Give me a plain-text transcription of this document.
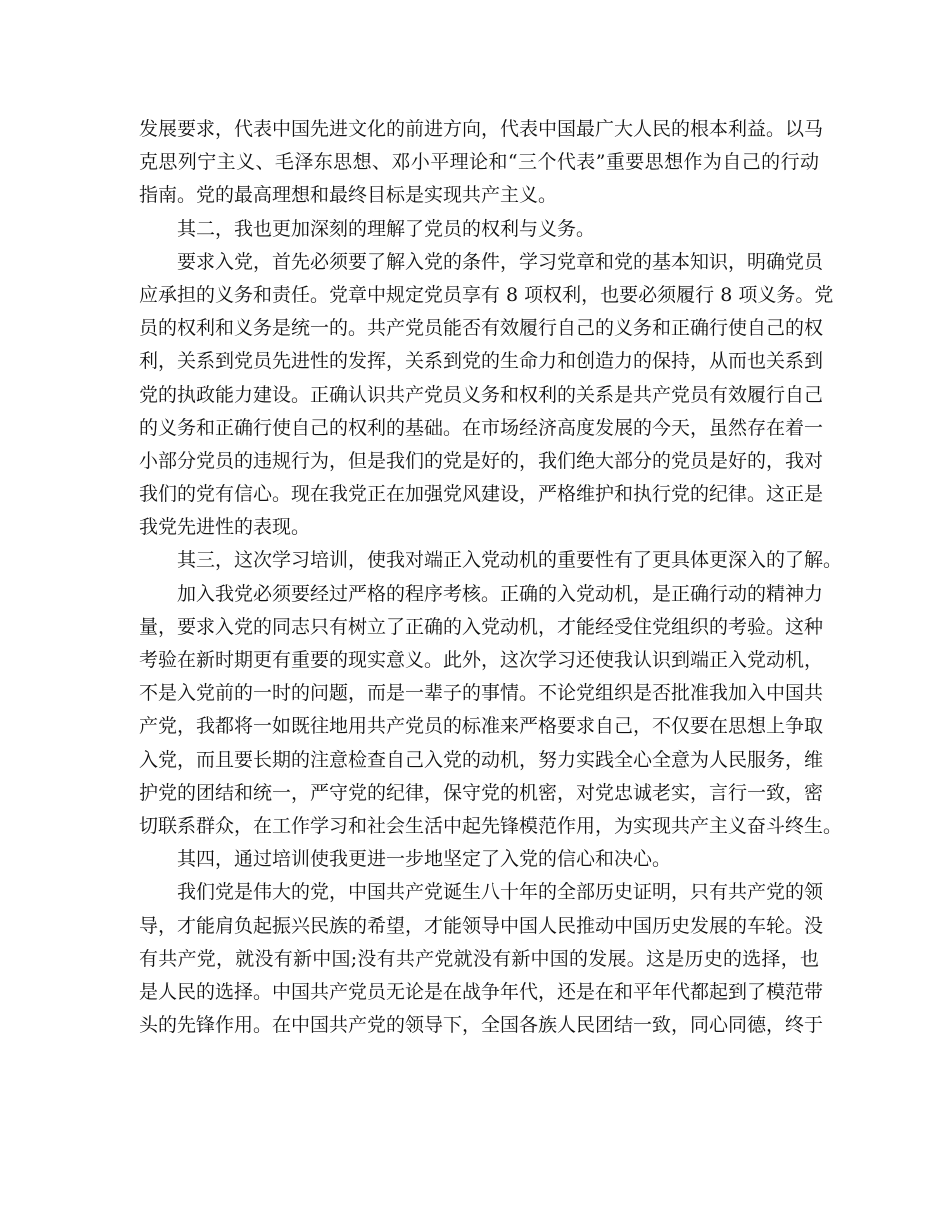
发展要求，代表中国先进文化的前进方向，代表中国最广大人民的根本利益。以马
克思列宁主义、毛泽东思想、邓小平理论和“三个代表”重要思想作为自己的行动
指南。党的最高理想和最终目标是实现共产主义。
其二，我也更加深刻的理解了党员的权利与义务。
要求入党，首先必须要了解入党的条件，学习党章和党的基本知识，明确党员
应承担的义务和责任。党章中规定党员享有 8 项权利，也要必须履行 8 项义务。党
员的权利和义务是统一的。共产党员能否有效履行自己的义务和正确行使自己的权
利，关系到党员先进性的发挥，关系到党的生命力和创造力的保持，从而也关系到
党的执政能力建设。正确认识共产党员义务和权利的关系是共产党员有效履行自己
的义务和正确行使自己的权利的基础。在市场经济高度发展的今天，虽然存在着一
小部分党员的违规行为，但是我们的党是好的，我们绝大部分的党员是好的，我对
我们的党有信心。现在我党正在加强党风建设，严格维护和执行党的纪律。这正是
我党先进性的表现。
其三，这次学习培训，使我对端正入党动机的重要性有了更具体更深入的了解。
加入我党必须要经过严格的程序考核。正确的入党动机，是正确行动的精神力
量，要求入党的同志只有树立了正确的入党动机，才能经受住党组织的考验。这种
考验在新时期更有重要的现实意义。此外，这次学习还使我认识到端正入党动机，
不是入党前的一时的问题，而是一辈子的事情。不论党组织是否批准我加入中国共
产党，我都将一如既往地用共产党员的标准来严格要求自己，不仅要在思想上争取
入党，而且要长期的注意检查自己入党的动机，努力实践全心全意为人民服务，维
护党的团结和统一，严守党的纪律，保守党的机密，对党忠诚老实，言行一致，密
切联系群众，在工作学习和社会生活中起先锋模范作用，为实现共产主义奋斗终生。
其四，通过培训使我更进一步地坚定了入党的信心和决心。
我们党是伟大的党，中国共产党诞生八十年的全部历史证明，只有共产党的领
导，才能肩负起振兴民族的希望，才能领导中国人民推动中国历史发展的车轮。没
有共产党，就没有新中国;没有共产党就没有新中国的发展。这是历史的选择，也
是人民的选择。中国共产党员无论是在战争年代，还是在和平年代都起到了模范带
头的先锋作用。在中国共产党的领导下，全国各族人民团结一致，同心同德，终于
